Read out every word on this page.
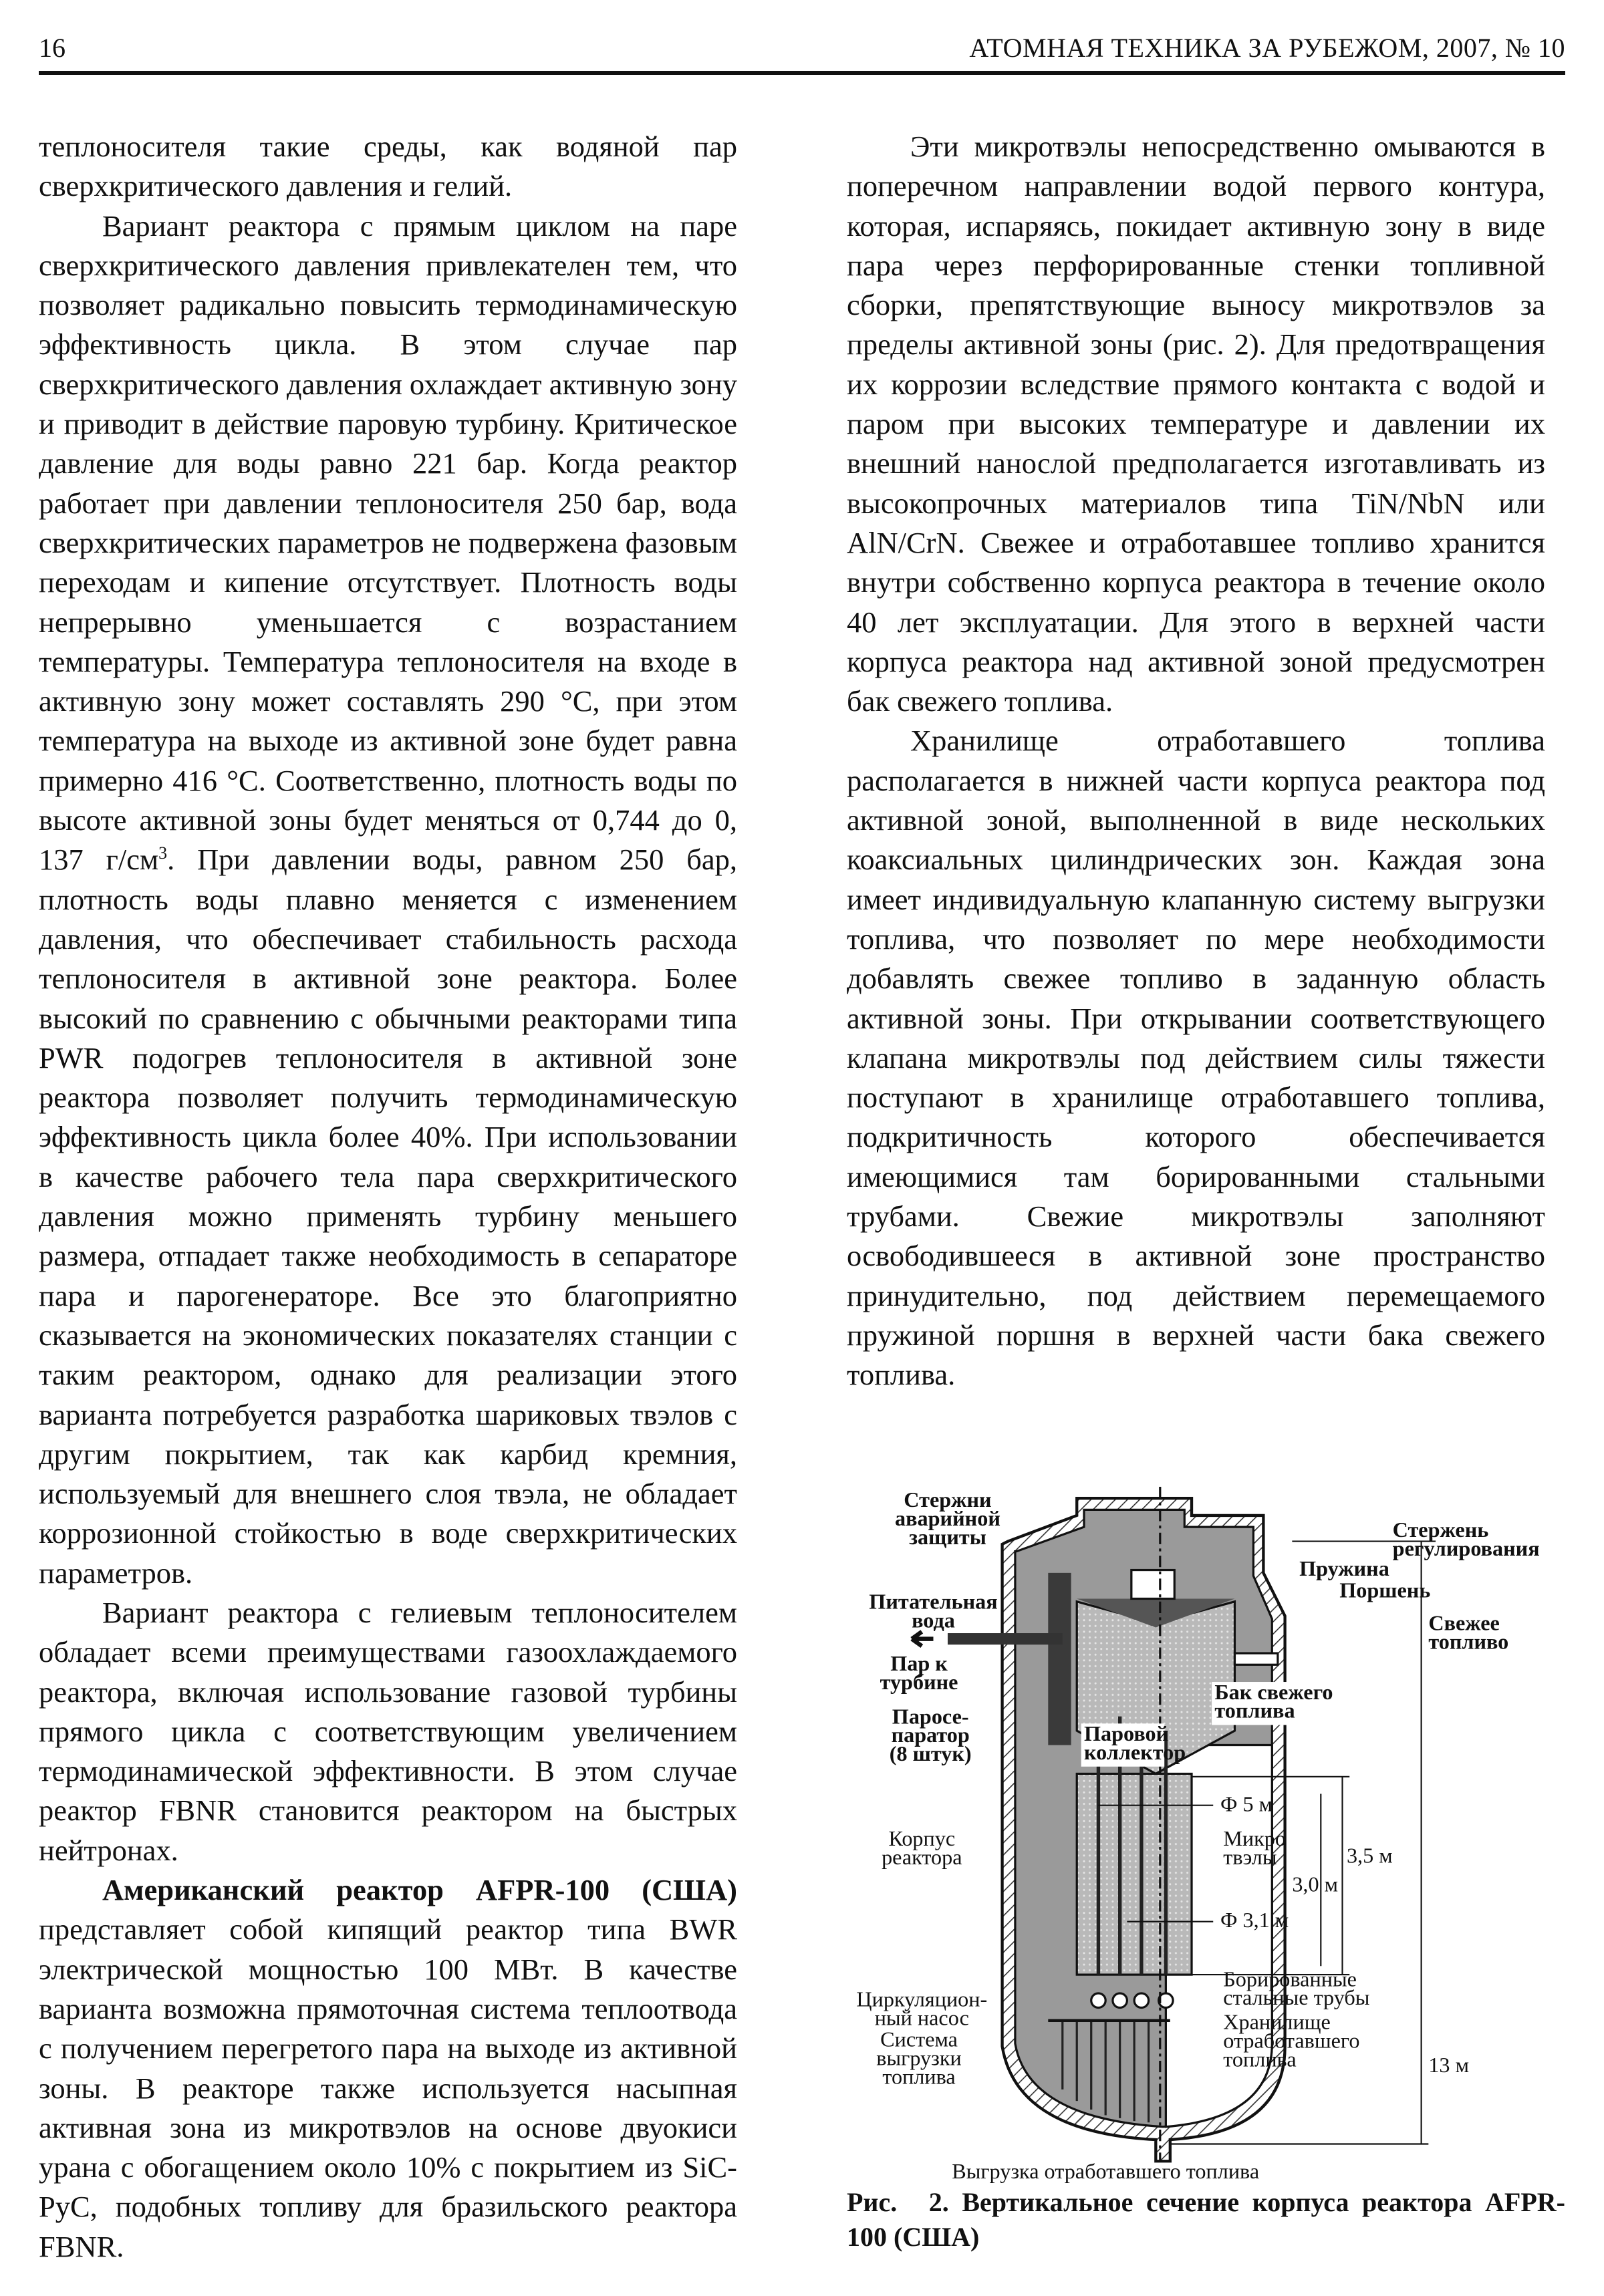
16	АТОМНАЯ ТЕХНИКА ЗА РУБЕЖОМ, 2007, № 10

теплоносителя такие среды, как водяной пар сверхкритического давления и гелий.

Вариант реактора с прямым циклом на паре сверхкритического давления привлекателен тем, что позволяет радикально повысить термодинамическую эффективность цикла. В этом случае пар сверхкритического давления охлаждает активную зону и приводит в действие паровую турбину. Критическое давление для воды равно 221 бар. Когда реактор работает при давлении теплоносителя 250 бар, вода сверхкритических параметров не подвержена фазовым переходам и кипение отсутствует. Плотность воды непрерывно уменьшается с возрастанием температуры. Температура теплоносителя на входе в активную зону может составлять 290 °С, при этом температура на выходе из активной зоне будет равна примерно 416 °С. Соответственно, плотность воды по высоте активной зоны будет меняться от 0,744 до 0, 137 $г/см^3$. При давлении воды, равном 250 бар, плотность воды плавно меняется с изменением давления, что обеспечивает стабильность расхода теплоносителя в активной зоне реактора. Более высокий по сравнению с обычными реакторами типа PWR подогрев теплоносителя в активной зоне реактора позволяет получить термодинамическую эффективность цикла более 40%. При использовании в качестве рабочего тела пара сверхкритического давления можно применять турбину меньшего размера, отпадает также необходимость в сепараторе пара и парогенераторе. Все это благоприятно сказывается на экономических показателях станции с таким реактором, однако для реализации этого варианта потребуется разработка шариковых твэлов с другим покрытием, так как карбид кремния, используемый для внешнего слоя твэла, не обладает коррозионной стойкостью в воде сверхкритических параметров.

Вариант реактора с гелиевым теплоносителем обладает всеми преимуществами газоохлаждаемого реактора, включая использование газовой турбины прямого цикла с соответствующим увеличением термодинамической эффективности. В этом случае реактор FBNR становится реактором на быстрых нейтронах.

Американский реактор AFPR-100 (США) представляет собой кипящий реактор типа BWR электрической мощностью 100 МВт. В качестве варианта возможна прямоточная система теплоотвода с получением перегретого пара на выходе из активной зоны. В реакторе также используется насыпная активная зона из микротвэлов на основе двуокиси урана с обогащением около 10% с покрытием из SiC-PyC, подобных топливу для бразильского реактора FBNR.

Эти микротвэлы непосредственно омываются в поперечном направлении водой первого контура, которая, испаряясь, покидает активную зону в виде пара через перфорированные стенки топливной сборки, препятствующие выносу микротвэлов за пределы активной зоны (рис. 2). Для предотвращения их коррозии вследствие прямого контакта с водой и паром при высоких температуре и давлении их внешний нанослой предполагается изготавливать из высокопрочных материалов типа TiN/NbN или AlN/CrN. Свежее и отработавшее топливо хранится внутри собственно корпуса реактора в течение около 40 лет эксплуатации. Для этого в верхней части корпуса реактора над активной зоной предусмотрен бак свежего топлива.

Хранилище отработавшего топлива располагается в нижней части корпуса реактора под активной зоной, выполненной в виде нескольких коаксиальных цилиндрических зон. Каждая зона имеет индивидуальную клапанную систему выгрузки топлива, что позволяет по мере необходимости добавлять свежее топливо в заданную область активной зоны. При открывании соответствующего клапана микротвэлы под действием силы тяжести поступают в хранилище отработавшего топлива, подкритичность которого обеспечивается имеющимися там борированными стальными трубами. Свежие микротвэлы заполняют освободившееся в активной зоне пространство принудительно, под действием перемещаемого пружиной поршня в верхней части бака свежего топлива.

Стержни
аварийной
защиты	Стержень
регулирования
Пружина
Поршень
Питательная
вода	Свежее
топливо
Пар к
турбине	Бак свежего
топлива
Паросе-
паратор
(8 штук)
Паровой
коллектор
Ф 5 м
Корпус
реактора
Микро
твэлы	3,5 м
3,0 м
Ф 3,1 м
Борированные
стальные трубы
Циркуляцион-
ный насос	Хранилище
отработавшего
топлива
Система
выгрузки
топлива	13 м
Выгрузка отработавшего топлива
Рис. 2. Вертикальное сечение корпуса реактора AFPR-100 (США)
